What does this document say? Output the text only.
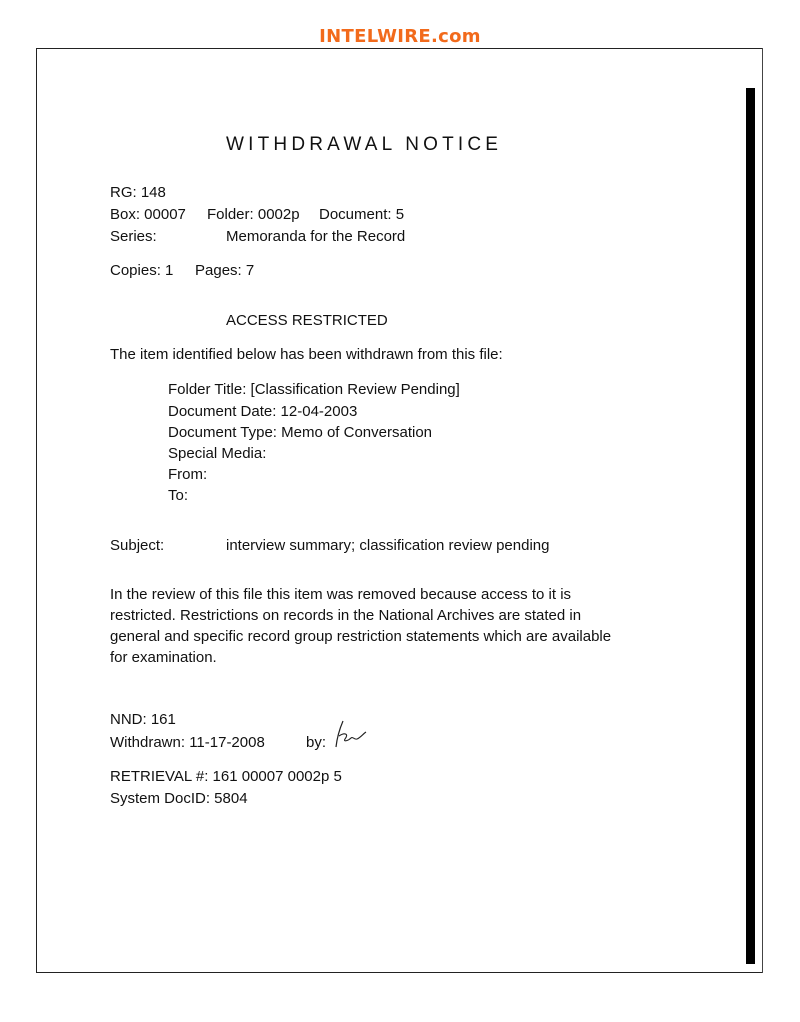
INTELWIRE.com
WITHDRAWAL NOTICE
RG: 148
Box: 00007 Folder: 0002p Document: 5
Series:	Memoranda for the Record
Copies: 1 Pages: 7
ACCESS RESTRICTED
The item identified below has been withdrawn from this file:
Folder Title: [Classification Review Pending]
Document Date: 12-04-2003
Document Type: Memo of Conversation
Special Media:
From:
To:
Subject:	interview summary; classification review pending
In the review of this file this item was removed because access to it is
restricted. Restrictions on records in the National Archives are stated in
general and specific record group restriction statements which are available
for examination.
NND: 161
Withdrawn: 11-17-2008	by:
RETRIEVAL #: 161 00007 0002p 5
System DocID: 5804
